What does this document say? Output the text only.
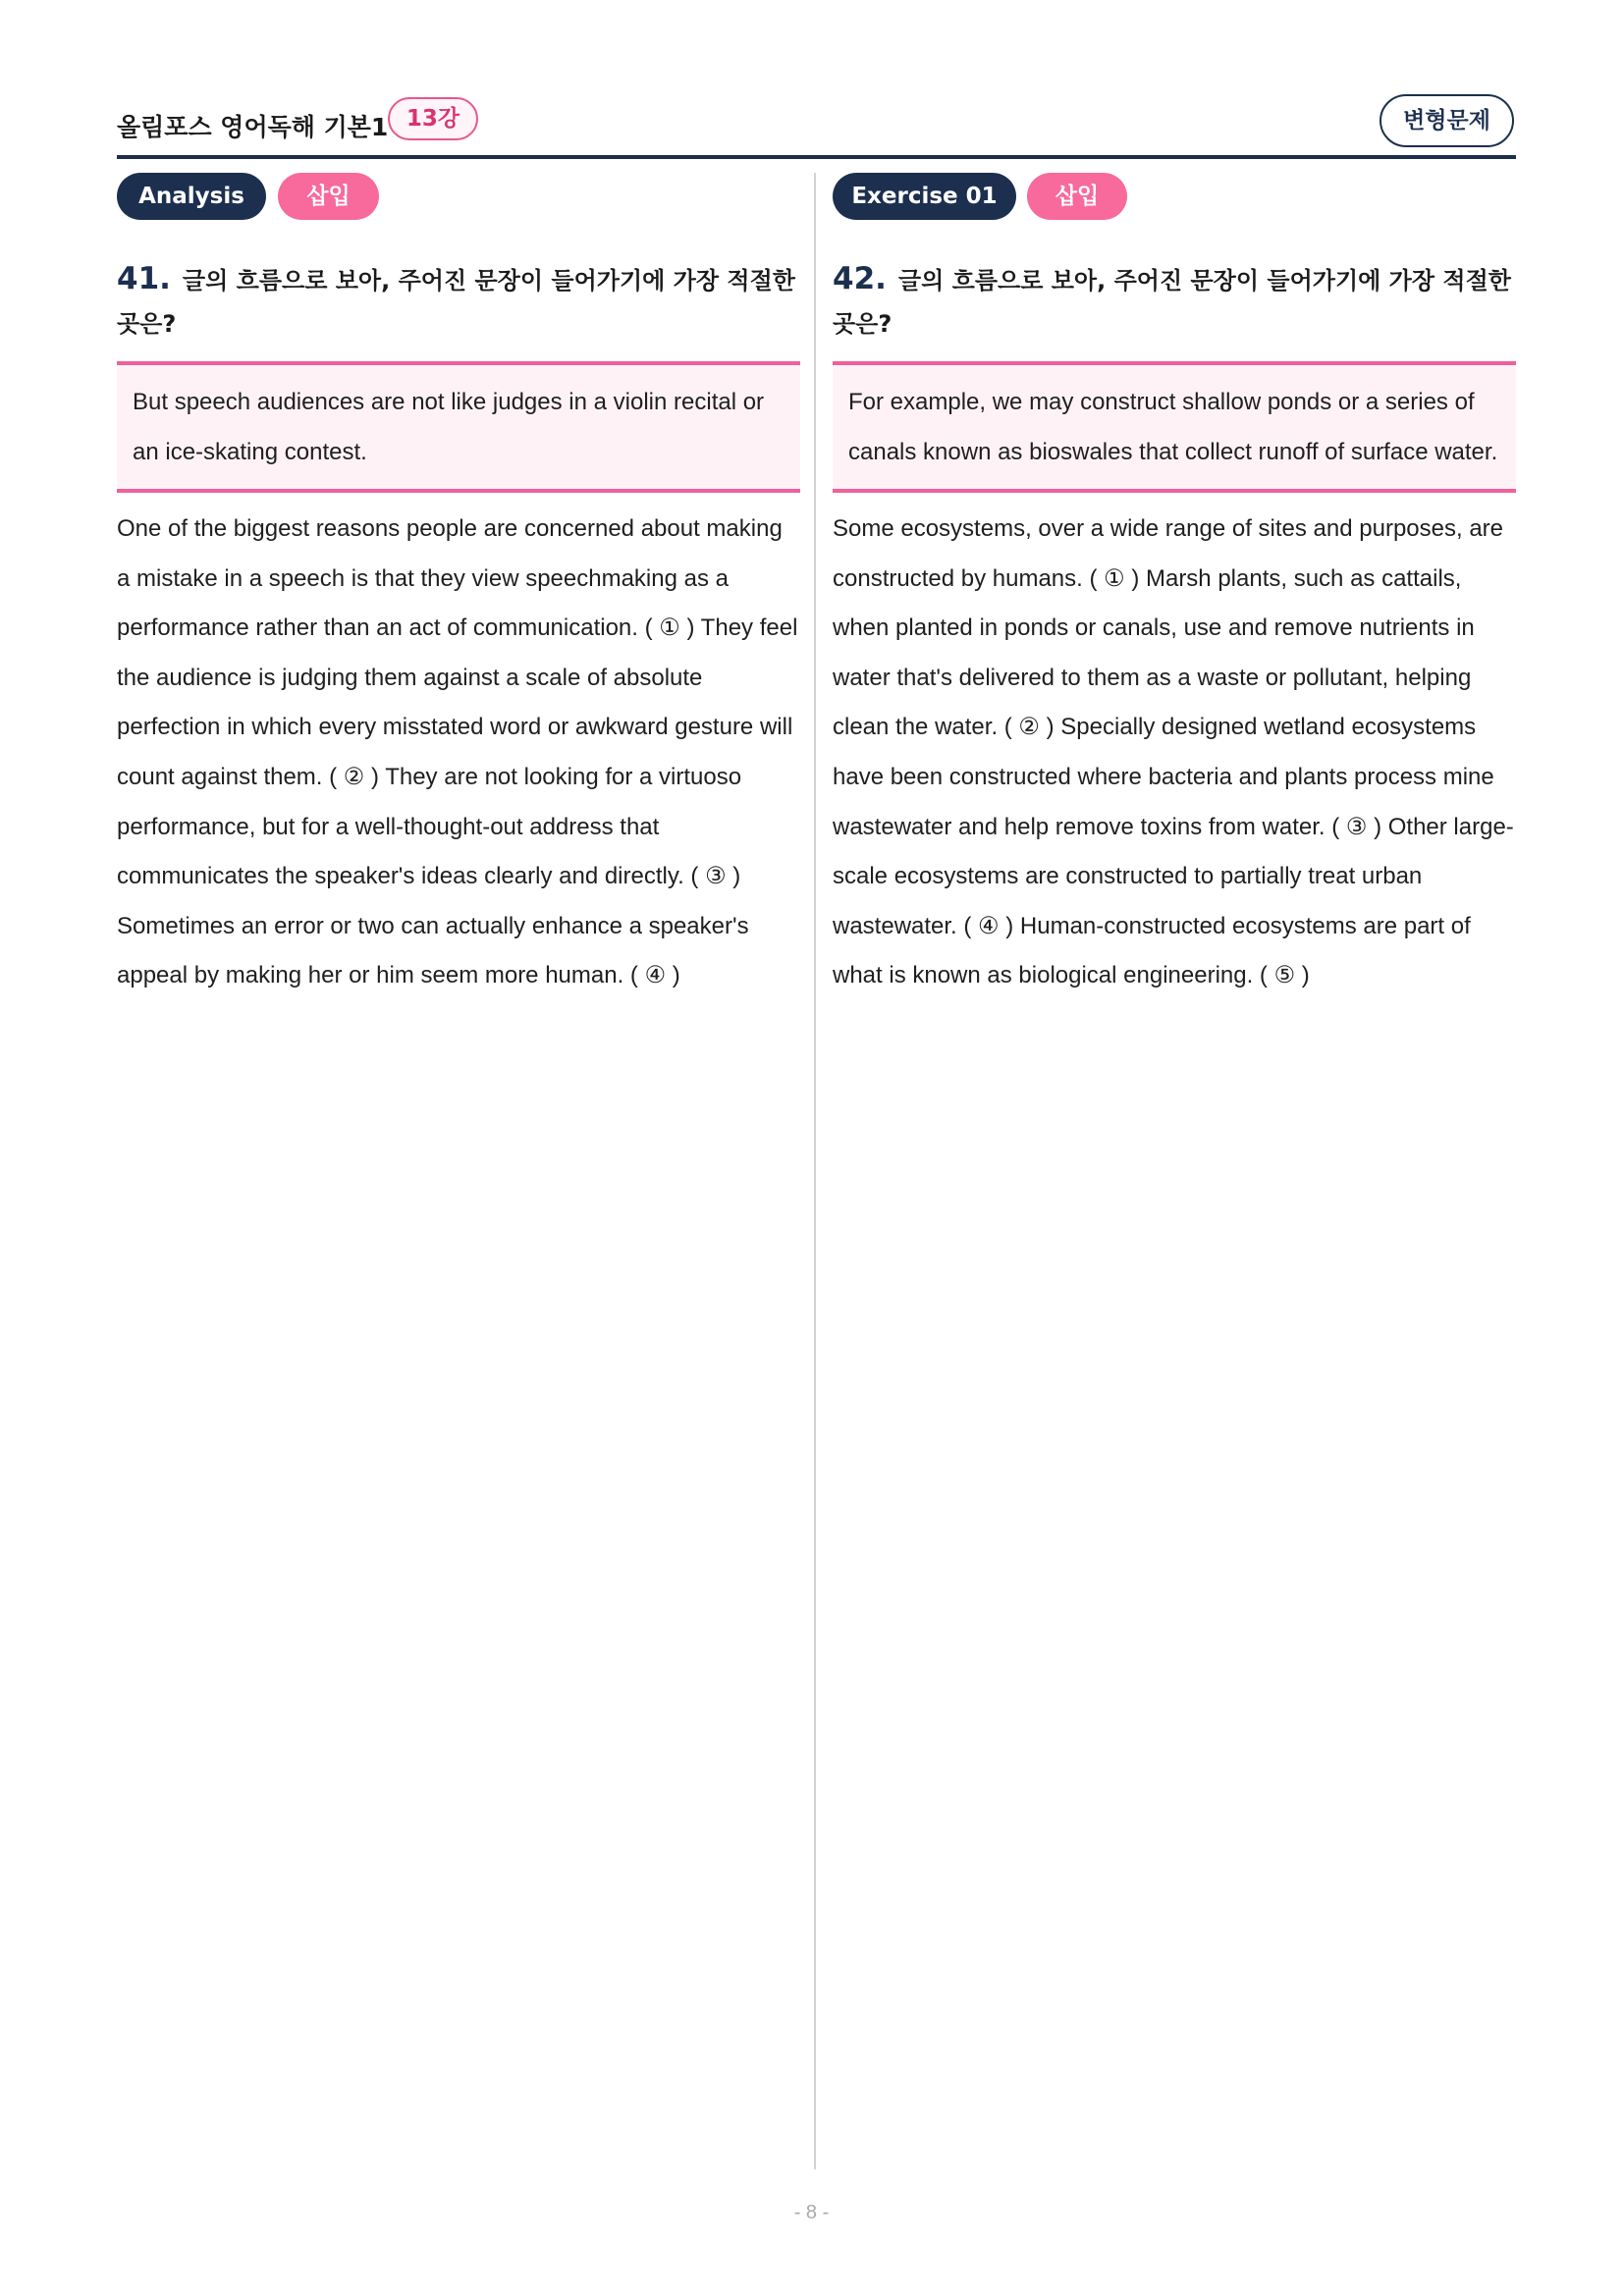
올림포스 영어독해 기본1 13강	변형문제
Analysis	삽입
41. 글의 흐름으로 보아, 주어진 문장이 들어가기에 가장 적절한 곳은?
But speech audiences are not like judges in a violin recital or an ice-skating contest.
One of the biggest reasons people are concerned about making a mistake in a speech is that they view speechmaking as a performance rather than an act of communication. ( ① ) They feel the audience is judging them against a scale of absolute perfection in which every misstated word or awkward gesture will count against them. ( ② ) They are not looking for a virtuoso performance, but for a well-thought-out address that communicates the speaker's ideas clearly and directly. ( ③ ) Sometimes an error or two can actually enhance a speaker's appeal by making her or him seem more human. ( ④ )
Exercise 01	삽입
42. 글의 흐름으로 보아, 주어진 문장이 들어가기에 가장 적절한 곳은?
For example, we may construct shallow ponds or a series of canals known as bioswales that collect runoff of surface water.
Some ecosystems, over a wide range of sites and purposes, are constructed by humans. ( ① ) Marsh plants, such as cattails, when planted in ponds or canals, use and remove nutrients in water that's delivered to them as a waste or pollutant, helping clean the water. ( ② ) Specially designed wetland ecosystems have been constructed where bacteria and plants process mine wastewater and help remove toxins from water. ( ③ ) Other large-scale ecosystems are constructed to partially treat urban wastewater. ( ④ ) Human-constructed ecosystems are part of what is known as biological engineering. ( ⑤ )
- 8 -
